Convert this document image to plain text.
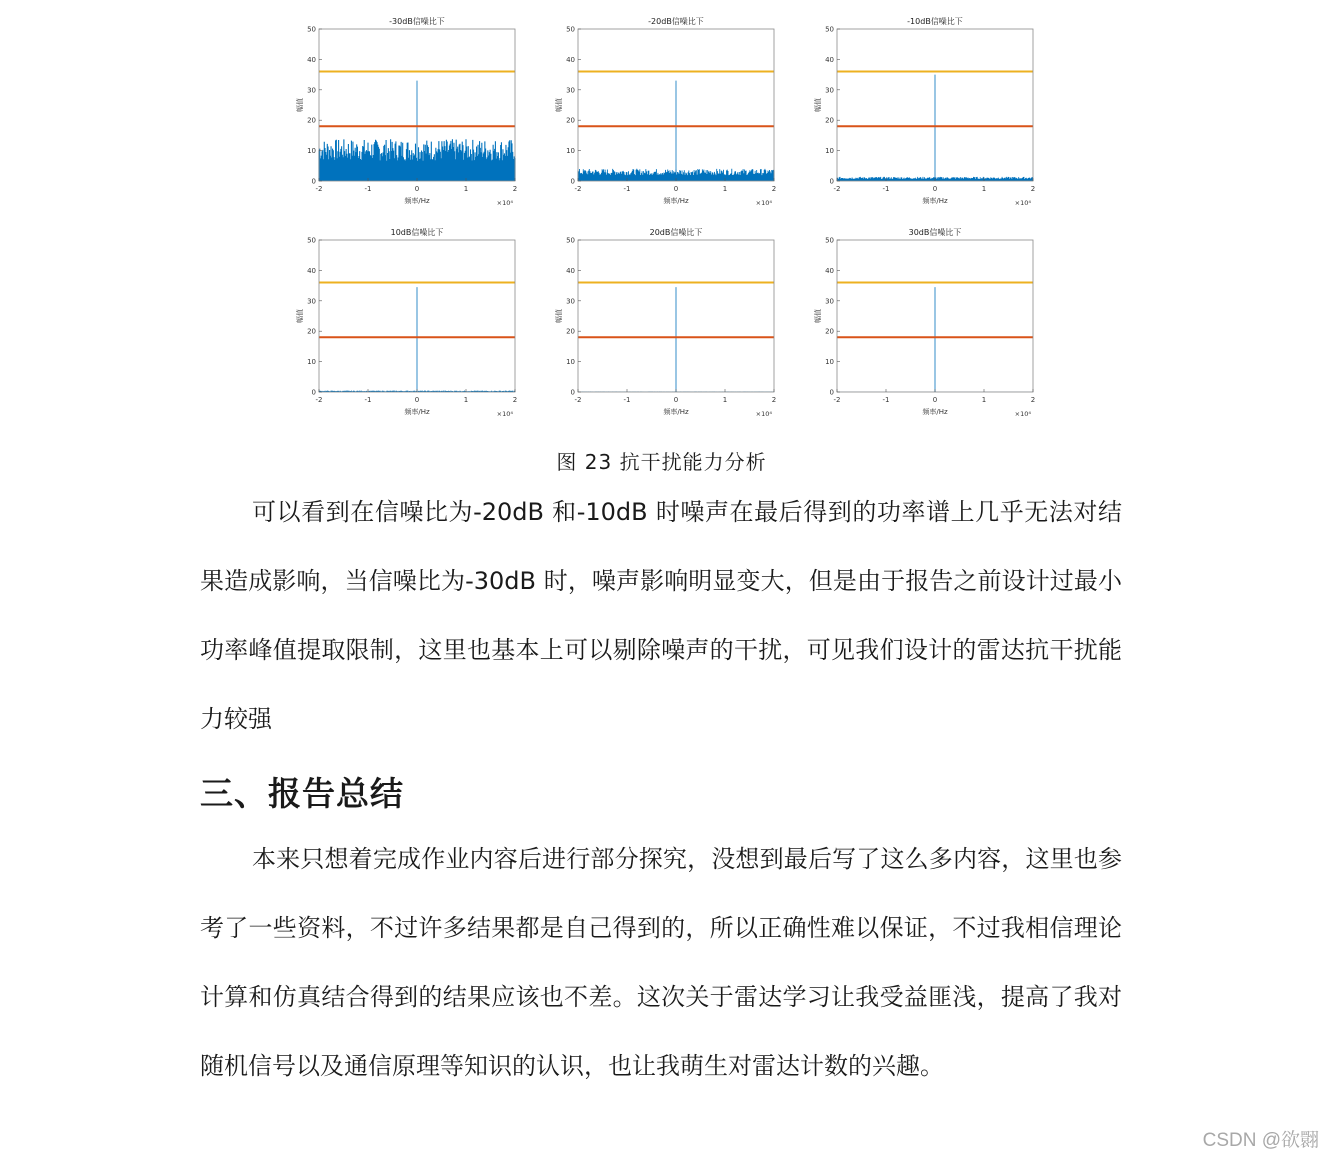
-30dB信噪比下
0
10
20
30
40
50
-2	-1	0	1	2
频率/Hz	×10⁴
幅值
-20dB信噪比下
0
10
20
30
40
50
-2	-1	0	1	2
频率/Hz	×10⁴
幅值
-10dB信噪比下
0
10
20
30
40
50
-2	-1	0	1	2
频率/Hz	×10⁴
幅值
10dB信噪比下
0
10
20
30
40
50
-2	-1	0	1	2
频率/Hz	×10⁴
幅值
20dB信噪比下
0
10
20
30
40
50
-2	-1	0	1	2
频率/Hz	×10⁴
幅值
30dB信噪比下
0
10
20
30
40
50
-2	-1	0	1	2
频率/Hz	×10⁴
幅值
图 23 抗干扰能力分析

可以看到在信噪比为-20dB 和-10dB 时噪声在最后得到的功率谱上几乎无法对结果造成影响，当信噪比为-30dB 时，噪声影响明显变大，但是由于报告之前设计过最小功率峰值提取限制，这里也基本上可以剔除噪声的干扰，可见我们设计的雷达抗干扰能力较强

三、报告总结

本来只想着完成作业内容后进行部分探究，没想到最后写了这么多内容，这里也参考了一些资料，不过许多结果都是自己得到的，所以正确性难以保证，不过我相信理论计算和仿真结合得到的结果应该也不差。这次关于雷达学习让我受益匪浅，提高了我对随机信号以及通信原理等知识的认识，也让我萌生对雷达计数的兴趣。

CSDN @欲翾
